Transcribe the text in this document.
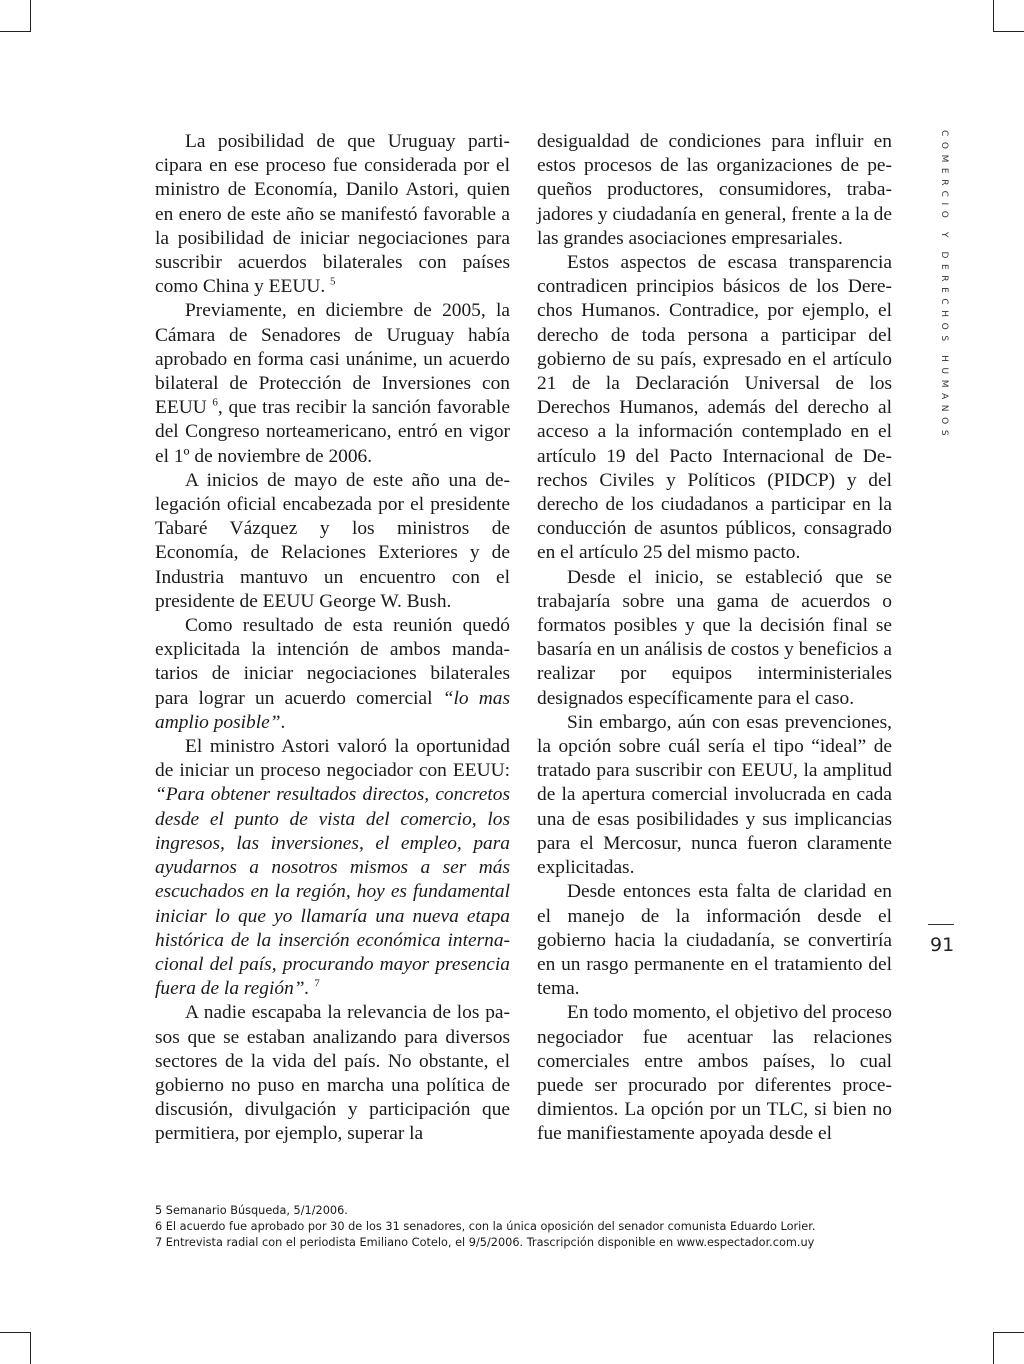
COMERCIO Y DERECHOS HUMANOS
91

La posibilidad de que Uruguay participara en ese proceso fue considerada por el ministro de Economía, Danilo Astori, quien en enero de este año se manifestó favorable a la posibilidad de iniciar negociaciones para suscribir acuerdos bilaterales con países como China y EEUU. $^5$

Previamente, en diciembre de 2005, la Cámara de Senadores de Uruguay había aprobado en forma casi unánime, un acuerdo bilateral de Protección de Inversiones con EEUU $^6$, que tras recibir la sanción favorable del Congreso norteamericano, entró en vigor el 1º de noviembre de 2006.

A inicios de mayo de este año una delegación oficial encabezada por el presidente Tabaré Vázquez y los ministros de Economía, de Relaciones Exteriores y de Industria mantuvo un encuentro con el presidente de EEUU George W. Bush.

Como resultado de esta reunión quedó explicitada la intención de ambos mandatarios de iniciar negociaciones bilaterales para lograr un acuerdo comercial “lo mas amplio posible”.

El ministro Astori valoró la oportunidad de iniciar un proceso negociador con EEUU: “Para obtener resultados directos, concretos desde el punto de vista del comercio, los ingresos, las inversiones, el empleo, para ayudarnos a nosotros mismos a ser más escuchados en la región, hoy es fundamental iniciar lo que yo llamaría una nueva etapa histórica de la inserción económica internacional del país, procurando mayor presencia fuera de la región”. $^7$

A nadie escapaba la relevancia de los pasos que se estaban analizando para diversos sectores de la vida del país. No obstante, el gobierno no puso en marcha una política de discusión, divulgación y participación que permitiera, por ejemplo, superar la

desigualdad de condiciones para influir en estos procesos de las organizaciones de pequeños productores, consumidores, trabajadores y ciudadanía en general, frente a la de las grandes asociaciones empresariales.

Estos aspectos de escasa transparencia contradicen principios básicos de los Derechos Humanos. Contradice, por ejemplo, el derecho de toda persona a participar del gobierno de su país, expresado en el artículo 21 de la Declaración Universal de los Derechos Humanos, además del derecho al acceso a la información contemplado en el artículo 19 del Pacto Internacional de Derechos Civiles y Políticos (PIDCP) y del derecho de los ciudadanos a participar en la conducción de asuntos públicos, consagrado en el artículo 25 del mismo pacto.

Desde el inicio, se estableció que se trabajaría sobre una gama de acuerdos o formatos posibles y que la decisión final se basaría en un análisis de costos y beneficios a realizar por equipos interministeriales designados específicamente para el caso.

Sin embargo, aún con esas prevenciones, la opción sobre cuál sería el tipo “ideal” de tratado para suscribir con EEUU, la amplitud de la apertura comercial involucrada en cada una de esas posibilidades y sus implicancias para el Mercosur, nunca fueron claramente explicitadas.

Desde entonces esta falta de claridad en el manejo de la información desde el gobierno hacia la ciudadanía, se convertiría en un rasgo permanente en el tratamiento del tema.

En todo momento, el objetivo del proceso negociador fue acentuar las relaciones comerciales entre ambos países, lo cual puede ser procurado por diferentes procedimientos. La opción por un TLC, si bien no fue manifiestamente apoyada desde el

5 Semanario Búsqueda, 5/1/2006.
6 El acuerdo fue aprobado por 30 de los 31 senadores, con la única oposición del senador comunista Eduardo Lorier.
7 Entrevista radial con el periodista Emiliano Cotelo, el 9/5/2006. Trascripción disponible en www.espectador.com.uy
